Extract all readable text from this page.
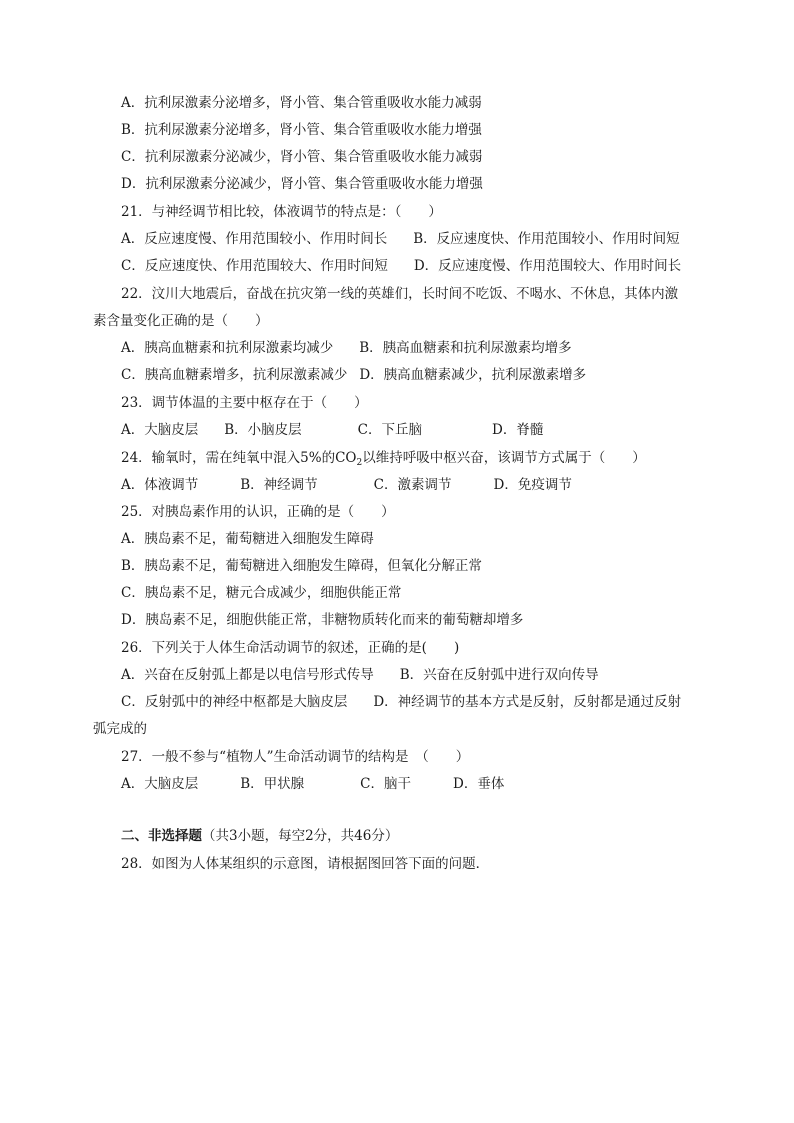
A．抗利尿激素分泌增多，肾小管、集合管重吸收水能力减弱
B．抗利尿激素分泌增多，肾小管、集合管重吸收水能力增强
C．抗利尿激素分泌减少，肾小管、集合管重吸收水能力减弱
D．抗利尿激素分泌减少，肾小管、集合管重吸收水能力增强
21．与神经调节相比较，体液调节的特点是：（　　）
A．反应速度慢、作用范围较小、作用时间长 B．反应速度快、作用范围较小、作用时间短
C．反应速度快、作用范围较大、作用时间短 D．反应速度慢、作用范围较大、作用时间长
22．汶川大地震后，奋战在抗灾第一线的英雄们，长时间不吃饭、不喝水、不休息，其体内激
素含量变化正确的是（　　）
A．胰高血糖素和抗利尿激素均减少 B．胰高血糖素和抗利尿激素均增多
C．胰高血糖素增多，抗利尿激素减少 D．胰高血糖素减少，抗利尿激素增多
23．调节体温的主要中枢存在于（　　）
A．大脑皮层 B．小脑皮层	C．下丘脑	D．脊髓
24．输氧时，需在纯氧中混入5%的$CO_2$以维持呼吸中枢兴奋，该调节方式属于（　　）
A．体液调节	B．神经调节	C．激素调节	D．免疫调节
25．对胰岛素作用的认识，正确的是（　　）
A．胰岛素不足，葡萄糖进入细胞发生障碍
B．胰岛素不足，葡萄糖进入细胞发生障碍，但氧化分解正常
C．胰岛素不足，糖元合成减少，细胞供能正常
D．胰岛素不足，细胞供能正常，非糖物质转化而来的葡萄糖却增多
26．下列关于人体生命活动调节的叙述，正确的是(　　)
A．兴奋在反射弧上都是以电信号形式传导 B．兴奋在反射弧中进行双向传导
C．反射弧中的神经中枢都是大脑皮层 D．神经调节的基本方式是反射，反射都是通过反射
弧完成的
27．一般不参与“植物人”生命活动调节的结构是　（　　）
A．大脑皮层	B．甲状腺	C．脑干	D．垂体
二、非选择题（共3小题，每空2分，共46分）
28．如图为人体某组织的示意图，请根据图回答下面的问题．
